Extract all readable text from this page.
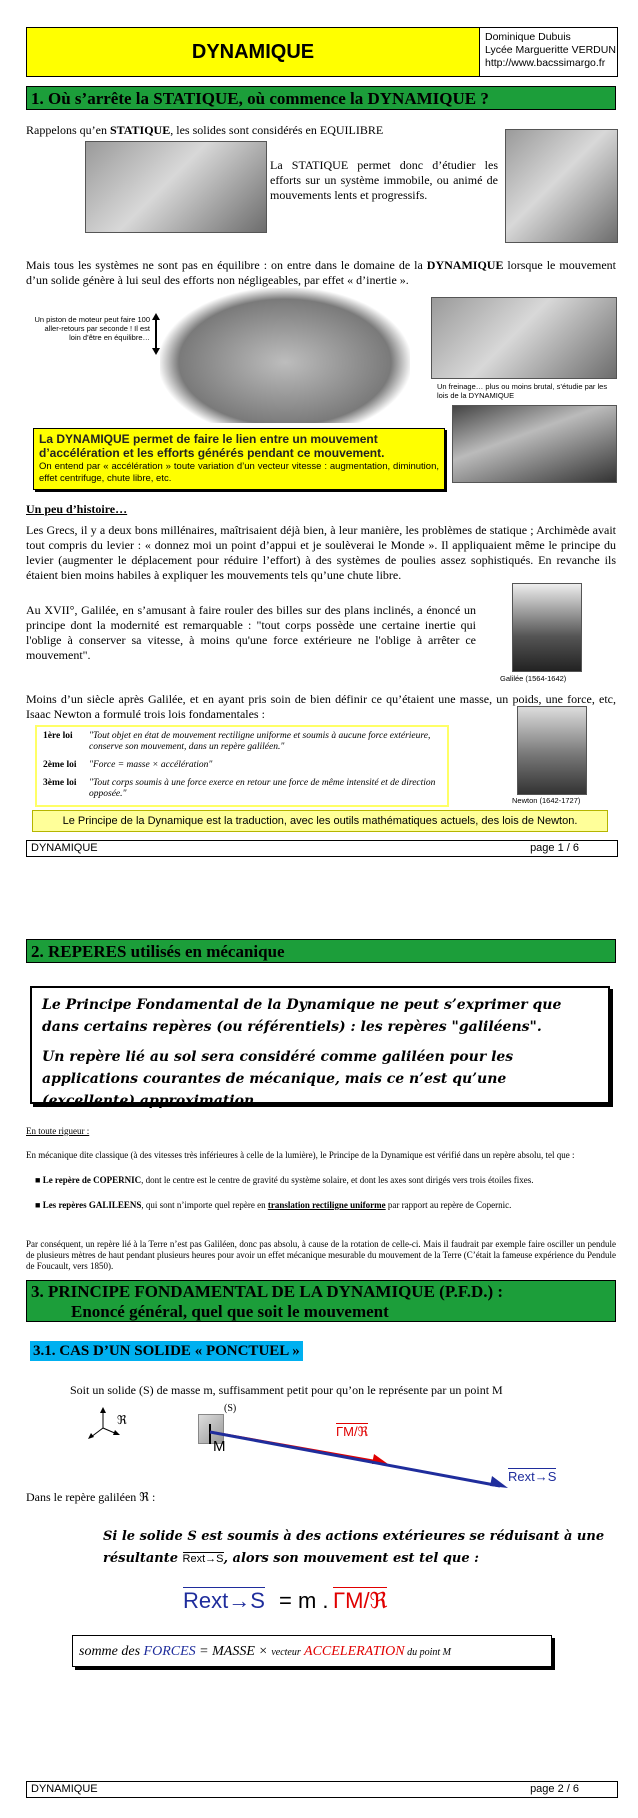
DYNAMIQUE
Dominique Dubuis
Lycée Margueritte VERDUN
http://www.bacssimargo.fr
1. Où s’arrête la STATIQUE, où commence la DYNAMIQUE ?
Rappelons qu’en STATIQUE, les solides sont considérés en EQUILIBRE
La STATIQUE permet donc d’étudier les efforts sur un système immobile, ou animé de mouvements lents et progressifs.
Mais tous les systèmes ne sont pas en équilibre : on entre dans le domaine de la DYNAMIQUE lorsque le mouvement d’un solide génère à lui seul des efforts non négligeables, par effet « d’inertie ».
Un piston de moteur peut faire 100 aller-retours par seconde ! Il est loin d’être en équilibre…
Un freinage… plus ou moins brutal, s’étudie par les lois de la DYNAMIQUE
La DYNAMIQUE permet de faire le lien entre un mouvement d’accélération et les efforts générés pendant ce mouvement.
On entend par « accélération » toute variation d’un vecteur vitesse : augmentation, diminution, effet centrifuge, chute libre, etc.
Un peu d’histoire…
Les Grecs, il y a deux bons millénaires, maîtrisaient déjà bien, à leur manière, les problèmes de statique ; Archimède avait tout compris du levier : « donnez moi un point d’appui et je soulèverai le Monde ». Il appliquaient même le principe du levier (augmenter le déplacement pour réduire l’effort) à des systèmes de poulies assez sophistiqués. En revanche ils étaient bien moins habiles à expliquer les mouvements tels qu’une chute libre.
Au XVII°, Galilée, en s’amusant à faire rouler des billes sur des plans inclinés, a énoncé un principe dont la modernité est remarquable : "tout corps possède une certaine inertie qui l'oblige à conserver sa vitesse, à moins qu'une force extérieure ne l'oblige à arrêter ce mouvement".
Galilée (1564-1642)
Moins d’un siècle après Galilée, et en ayant pris soin de bien définir ce qu’étaient une masse, un poids, une force, etc, Isaac Newton a formulé trois lois fondamentales :
1ère loi "Tout objet en état de mouvement rectiligne uniforme et soumis à aucune force extérieure, conserve son mouvement, dans un repère galiléen."
2ème loi "Force = masse × accélération"
3ème loi "Tout corps soumis à une force exerce en retour une force de même intensité et de direction opposée."
Newton (1642-1727)
Le Principe de la Dynamique est la traduction, avec les outils mathématiques actuels, des lois de Newton.
DYNAMIQUE	page 1 / 6
2. REPERES utilisés en mécanique
Le Principe Fondamental de la Dynamique ne peut s’exprimer que dans certains repères (ou référentiels) : les repères "galiléens".
Un repère lié au sol sera considéré comme galiléen pour les applications courantes de mécanique, mais ce n’est qu’une (excellente) approximation.
En toute rigueur :
En mécanique dite classique (à des vitesses très inférieures à celle de la lumière), le Principe de la Dynamique est vérifié dans un repère absolu, tel que :
■ Le repère de COPERNIC, dont le centre est le centre de gravité du système solaire, et dont les axes sont dirigés vers trois étoiles fixes.
■ Les repères GALILEENS, qui sont n’importe quel repère en translation rectiligne uniforme par rapport au repère de Copernic.
Par conséquent, un repère lié à la Terre n’est pas Galiléen, donc pas absolu, à cause de la rotation de celle-ci. Mais il faudrait par exemple faire osciller un pendule de plusieurs mètres de haut pendant plusieurs heures pour avoir un effet mécanique mesurable du mouvement de la Terre (C’était la fameuse expérience du Pendule de Foucault, vers 1850).
3. PRINCIPE FONDAMENTAL DE LA DYNAMIQUE (P.F.D.) :
Enoncé général, quel que soit le mouvement
3.1. CAS D’UN SOLIDE « PONCTUEL »
Soit un solide (S) de masse m, suffisamment petit pour qu’on le représente par un point M
ℜ
(S)
M
ΓM/ℜ
Rext→S
Dans le repère galiléen ℜ :
Si le solide S est soumis à des actions extérieures se réduisant à une
résultante Rext→S, alors son mouvement est tel que :
Rext→S = m . ΓM/ℜ
somme des FORCES = MASSE × vecteur ACCELERATION du point M
DYNAMIQUE	page 2 / 6
